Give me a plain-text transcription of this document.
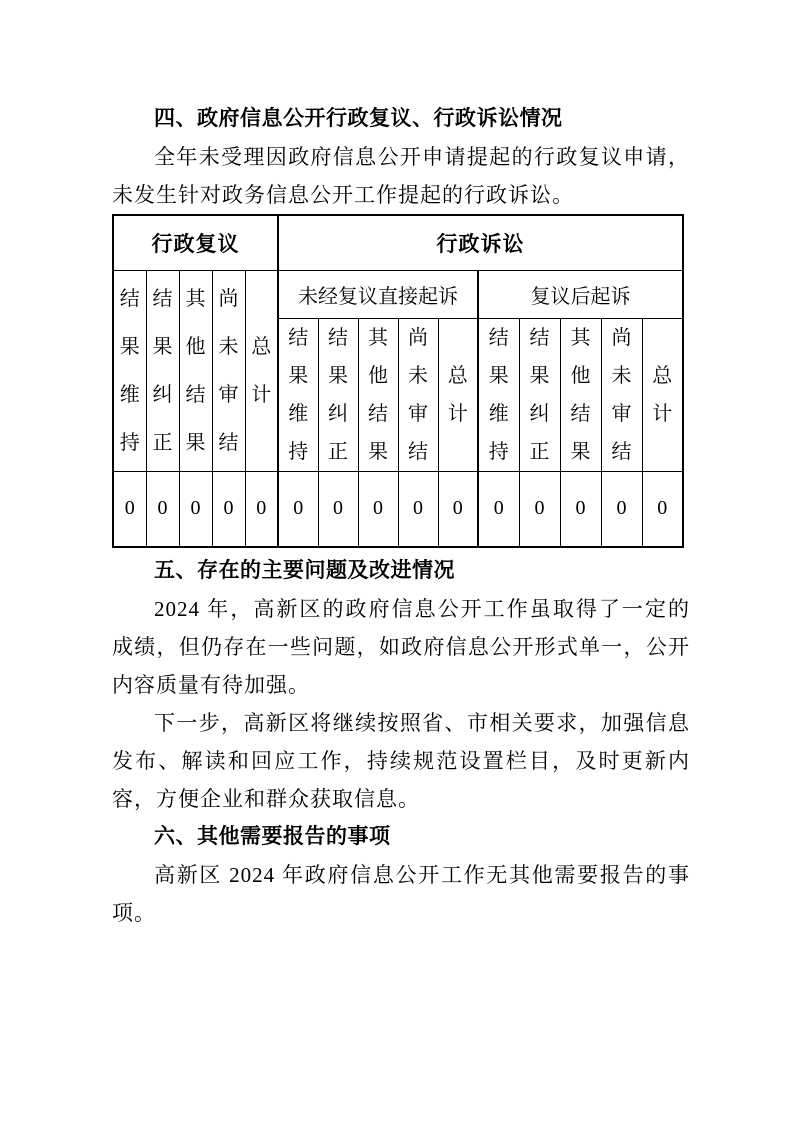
四、政府信息公开行政复议、行政诉讼情况

全年未受理因政府信息公开申请提起的行政复议申请，未发生针对政务信息公开工作提起的行政诉讼。

行政复议					行政诉讼									

结果维持	结果纠正	其他结果	尚未审结	总计	未经复议直接起诉					复议后起诉				

					结果维持	结果纠正	其他结果	尚未审结	总计	结果维持	结果纠正	其他结果	尚未审结	总计

0	0	0	0	0	0	0	0	0	0	0	0	0	0	0
五、存在的主要问题及改进情况

2024 年，高新区的政府信息公开工作虽取得了一定的成绩，但仍存在一些问题，如政府信息公开形式单一，公开内容质量有待加强。

下一步，高新区将继续按照省、市相关要求，加强信息发布、解读和回应工作，持续规范设置栏目，及时更新内容，方便企业和群众获取信息。

六、其他需要报告的事项

高新区 2024 年政府信息公开工作无其他需要报告的事项。
